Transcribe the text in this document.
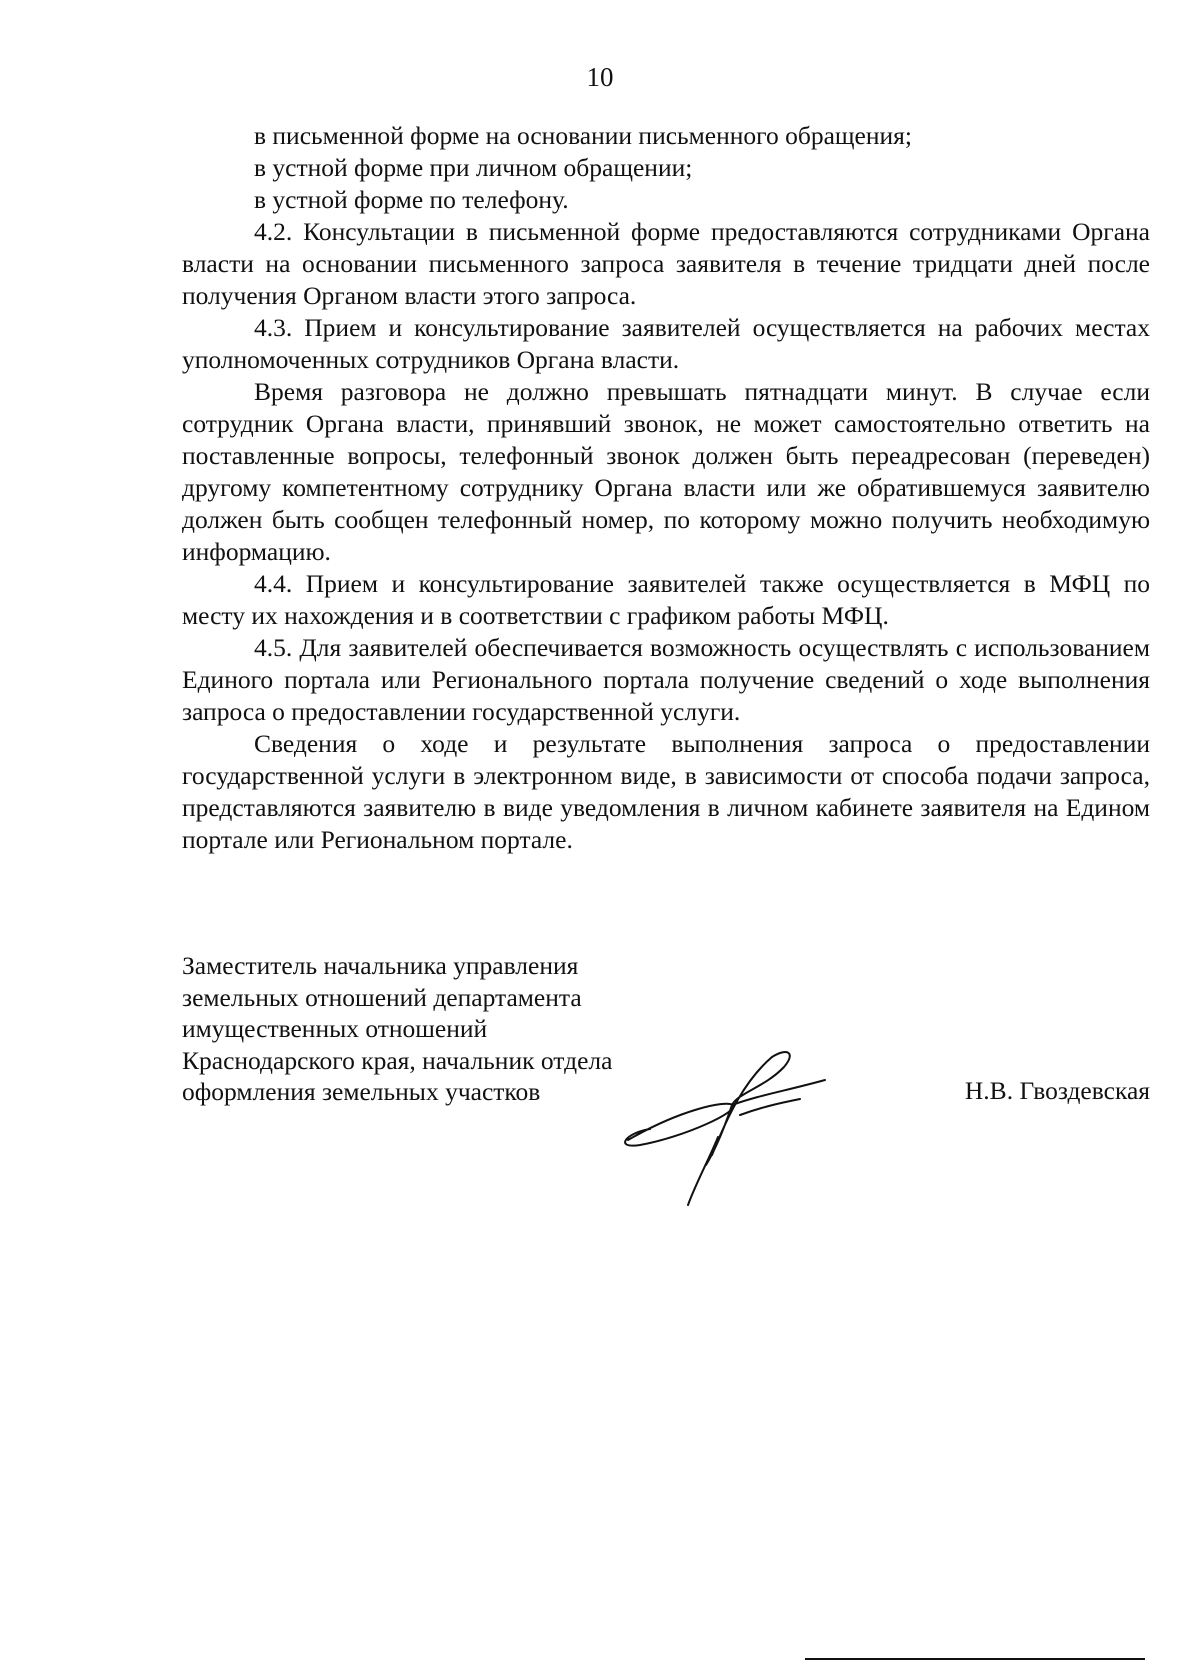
10

в письменной форме на основании письменного обращения;

в устной форме при личном обращении;

в устной форме по телефону.

4.2. Консультации в письменной форме предоставляются сотрудниками Органа власти на основании письменного запроса заявителя в течение тридцати дней после получения Органом власти этого запроса.

4.3. Прием и консультирование заявителей осуществляется на рабочих местах уполномоченных сотрудников Органа власти.

Время разговора не должно превышать пятнадцати минут. В случае если сотрудник Органа власти, принявший звонок, не может самостоятельно ответить на поставленные вопросы, телефонный звонок должен быть переадресован (переведен) другому компетентному сотруднику Органа власти или же обратившемуся заявителю должен быть сообщен телефонный номер, по которому можно получить необходимую информацию.

4.4. Прием и консультирование заявителей также осуществляется в МФЦ по месту их нахождения и в соответствии с графиком работы МФЦ.

4.5. Для заявителей обеспечивается возможность осуществлять с использованием Единого портала или Регионального портала получение сведений о ходе выполнения запроса о предоставлении государственной услуги.

Сведения о ходе и результате выполнения запроса о предоставлении государственной услуги в электронном виде, в зависимости от способа подачи запроса, представляются заявителю в виде уведомления в личном кабинете заявителя на Едином портале или Региональном портале.

Заместитель начальника управления
земельных отношений департамента
имущественных отношений
Краснодарского края, начальник отдела
оформления земельных участков	Н.В. Гвоздевская
